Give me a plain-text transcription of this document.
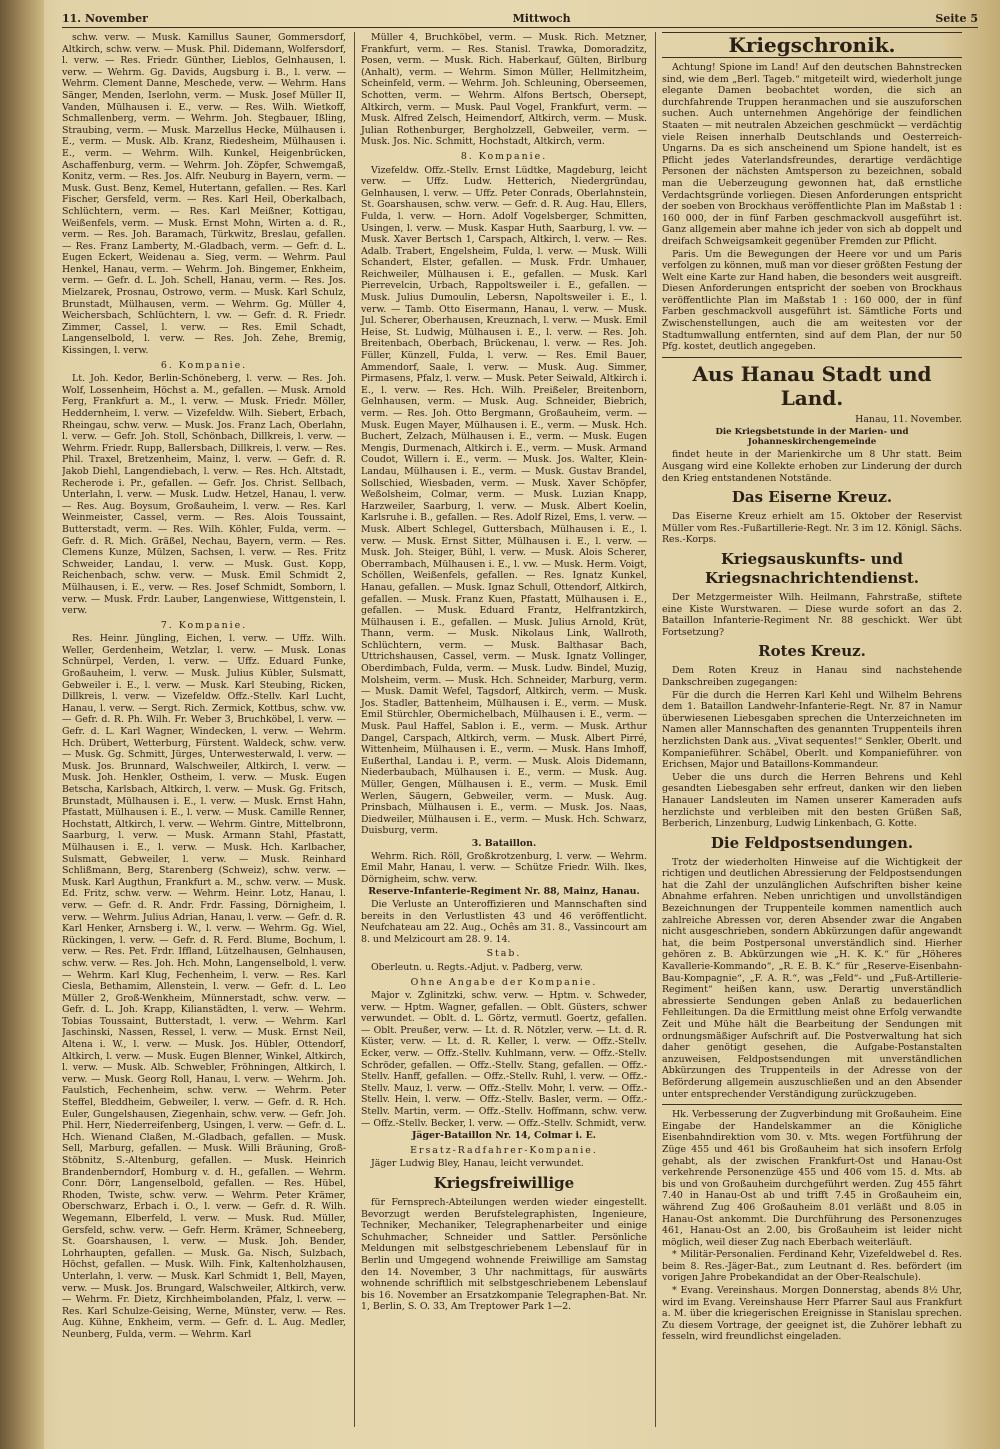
11. November	Mittwoch	Seite 5

schw. verw. — Musk. Kamillus Sauner, Gommersdorf, Altkirch, schw. verw. — Musk. Phil. Didemann, Wolfersdorf, l. verw. — Res. Friedr. Günther, Lieblos, Gelnhausen, l. verw. — Wehrm. Gg. Davids, Augsburg i. B., l. verw. — Wehrm. Clement Danne, Meschede, verw. — Wehrm. Hans Sänger, Menden, Iserlohn, verm. — Musk. Josef Müller II, Vanden, Mülhausen i. E., verw. — Res. Wilh. Wietkoff, Schmallenberg, verm. — Wehrm. Joh. Stegbauer, Ißling, Straubing, verm. — Musk. Marzellus Hecke, Mülhausen i. E., verm. — Musk. Alb. Kranz, Riedesheim, Mülhausen i. E., verm. — Wehrm. Wilh. Kunkel, Heigenbrücken, Aschaffenburg, verm. — Wehrm. Joh. Zöpfer, Schwemgaß, Konitz, verm. — Res. Jos. Alfr. Neuburg in Bayern, verm. — Musk. Gust. Benz, Kemel, Hutertann, gefallen. — Res. Karl Fischer, Gersfeld, verm. — Res. Karl Heil, Oberkalbach, Schlüchtern, verm. — Res. Karl Meißner, Kottigau, Weißenfels, verm. — Musk. Ernst Mohn, Wirten a. d. R., verm. — Res. Joh. Baramach, Türkwitz, Breslau, gefallen. — Res. Franz Lamberty, M.-Gladbach, verm. — Gefr. d. L. Eugen Eckert, Weidenau a. Sieg, verm. — Wehrm. Paul Henkel, Hanau, verm. — Wehrm. Joh. Bingemer, Enkheim, verm. — Gefr. d. L. Joh. Schell, Hanau, verm. — Res. Jos. Mielzarek, Prosnau, Ostrowo, verm. — Musk. Karl Schulz, Brunstadt, Mülhausen, verm. — Wehrm. Gg. Müller 4, Weichersbach, Schlüchtern, l. vw. — Gefr. d. R. Friedr. Zimmer, Cassel, l. verw. — Res. Emil Schadt, Langenselbold, l. verw. — Res. Joh. Zehe, Bremig, Kissingen, l. verw.

6. Kompanie.

Lt. Joh. Kedor, Berlin-Schöneberg, l. verw. — Res. Joh. Wolf, Lossenheim, Höchst a. M., gefallen. — Musk. Arnold Ferg, Frankfurt a. M., l. verw. — Musk. Friedr. Möller, Heddernheim, l. verw. — Vizefeldw. Wilh. Siebert, Erbach, Rheingau, schw. verw. — Musk. Jos. Franz Lach, Oberlahn, l. verw. — Gefr. Joh. Stoll, Schönbach, Dillkreis, l. verw. — Wehrm. Friedr. Rupp, Ballersbach, Dillkreis, l. verw. — Res. Phil. Traxel, Bretzenheim, Mainz, l. verw. — Gefr. d. R. Jakob Diehl, Langendiebach, l. verw. — Res. Hch. Altstadt, Recherode i. Pr., gefallen. — Gefr. Jos. Christ. Sellbach, Unterlahn, l. verw. — Musk. Ludw. Hetzel, Hanau, l. verw. — Res. Aug. Boysum, Großauheim, l. verw. — Res. Karl Weinmeister, Cassel, verm. — Res. Alois Toussaint, Butterstadt, verm. — Res. Wilh. Köhler, Fulda, verm. — Gefr. d. R. Mich. Gräßel, Nechau, Bayern, verm. — Res. Clemens Kunze, Mülzen, Sachsen, l. verw. — Res. Fritz Schweider, Landau, l. verw. — Musk. Gust. Kopp, Reichenbach, schw. verw. — Musk. Emil Schmidt 2, Mülhausen, i. E., verw. — Res. Josef Schmidt, Somborn, l. verw. — Musk. Frdr. Lauber, Langenwiese, Wittgenstein, l. verw.

7. Kompanie.

Res. Heinr. Jüngling, Eichen, l. verw. — Uffz. Wilh. Weller, Gerdenheim, Wetzlar, l. verw. — Musk. Lonas Schnürpel, Verden, l. verw. — Uffz. Eduard Funke, Großauheim, l. verw. — Musk. Julius Kübler, Sulsmatt, Gebweiler i. E., l. verw. — Musk. Karl Steubing, Ricken, Dillkreis, l. verw. — Vizefeldw. Offz.-Stellv. Karl Lucht, Hanau, l. verw. — Sergt. Rich. Zermick, Kottbus, schw. vw. — Gefr. d. R. Ph. Wilh. Fr. Weber 3, Bruchköbel, l. verw. — Gefr. d. L. Karl Wagner, Windecken, l. verw. — Wehrm. Hch. Drübert, Wetterburg, Fürstent. Waldeck, schw. verw. — Musk. Gg. Schmitt, Jürges, Unterwesterwald, l. verw. — Musk. Jos. Brunnard, Walschweiler, Altkirch, l. verw. — Musk. Joh. Henkler, Ostheim, l. verw. — Musk. Eugen Betscha, Karlsbach, Altkirch, l. verw. — Musk. Gg. Fritsch, Brunstadt, Mülhausen i. E., l. verw. — Musk. Ernst Hahn, Pfastatt, Mülhausen i. E., l. verw. — Musk. Camille Renner, Hochstatt, Altkirch, l. verw. — Wehrm. Gintre, Mittelbronn, Saarburg, l. verw. — Musk. Armann Stahl, Pfastatt, Mülhausen i. E., l. verw. — Musk. Hch. Karlbacher, Sulsmatt, Gebweiler, l. verw. — Musk. Reinhard Schlißmann, Berg, Starenberg (Schweiz), schw. verw. — Musk. Karl Augthun, Frankfurt a. M., schw. verw. — Musk. Ed. Fritz, schw. verw. — Wehrm. Heinr. Lotz, Hanau, l. verw. — Gefr. d. R. Andr. Frdr. Fassing, Dörnigheim, l. verw. — Wehrm. Julius Adrian, Hanau, l. verw. — Gefr. d. R. Karl Henker, Arnsberg i. W., l. verw. — Wehrm. Gg. Wiel, Rückingen, l. verw. — Gefr. d. R. Ferd. Blume, Bochum, l. verw. — Res. Pet. Frdr. Iffland, Lützelhausen, Gelnhausen, schw. verw. — Res. Joh. Hch. Mohn, Langenselbold, l. verw. — Wehrm. Karl Klug, Fechenheim, l. verw. — Res. Karl Ciesla, Bethamim, Allenstein, l. verw. — Gefr. d. L. Leo Müller 2, Groß-Wenkheim, Münnerstadt, schw. verw. — Gefr. d. L. Joh. Krapp, Kilianstädten, l. verw. — Wehrm. Tobias Toussaint, Butterstadt, l. verw. — Wehrm. Karl Jaschinski, Nassen, Ressel, l. verw. — Musk. Ernst Neil, Altena i. W., l. verw. — Musk. Jos. Hübler, Ottendorf, Altkirch, l. verw. — Musk. Eugen Blenner, Winkel, Altkirch, l. verw. — Musk. Alb. Schwebler, Fröhningen, Altkirch, l. verw. — Musk. Georg Roll, Hanau, l. verw. — Wehrm. Joh. Faulstich, Fechenheim, schw. verw. — Wehrm. Peter Steffel, Bleddheim, Gebweiler, l. verw. — Gefr. d. R. Hch. Euler, Gungelshausen, Ziegenhain, schw. verw. — Gefr. Joh. Phil. Herr, Niederreifenberg, Usingen, l. verw. — Gefr. d. L. Hch. Wienand Claßen, M.-Gladbach, gefallen. — Musk. Sell, Marburg, gefallen. — Musk. Willi Bräuning, Groß-Stöbnitz, S.-Altenburg, gefallen. — Musk. Heinrich Brandenberndorf, Homburg v. d. H., gefallen. — Wehrm. Conr. Dörr, Langenselbold, gefallen. — Res. Hübel, Rhoden, Twiste, schw. verw. — Wehrm. Peter Krämer, Oberschwarz, Erbach i. O., l. verw. — Gefr. d. R. Wilh. Wegemann, Elberfeld, l. verw. — Musk. Rud. Müller, Gersfeld, schw. verw. — Gefr. Herm. Krämer, Schneeberg, St. Goarshausen, l. verw. — Musk. Joh. Bender, Lohrhaupten, gefallen. — Musk. Ga. Nisch, Sulzbach, Höchst, gefallen. — Musk. Wilh. Fink, Kaltenholzhausen, Unterlahn, l. verw. — Musk. Karl Schmidt 1, Bell, Mayen, verw. — Musk. Jos. Brungard, Walschweiler, Altkirch, verw. — Wehrm. Fr. Dietz, Kirchheimbolanden, Pfalz, l. verw. — Res. Karl Schulze-Geising, Werne, Münster, verw. — Res. Aug. Kühne, Enkheim, verm. — Gefr. d. L. Aug. Medler, Neunberg, Fulda, verm. — Wehrm. Karl

Müller 4, Bruchköbel, verm. — Musk. Rich. Metzner, Frankfurt, verm. — Res. Stanisl. Trawka, Domoradzitz, Posen, verm. — Musk. Rich. Haberkauf, Gülten, Birlburg (Anhalt), verm. — Wehrm. Simon Müller, Hellmitzheim, Scheinfeld, verm. — Wehrm. Joh. Schleuning, Oberseemen, Schotten, verm. — Wehrm. Alfons Bertsch, Obersept, Altkirch, verm. — Musk. Paul Vogel, Frankfurt, verm. — Musk. Alfred Zelsch, Heimendorf, Altkirch, verm. — Musk. Julian Rothenburger, Bergholzzell, Gebweiler, verm. — Musk. Jos. Nic. Schmitt, Hochstadt, Altkirch, verm.

8. Kompanie.

Vizefeldw. Offz.-Stellv. Ernst Lüdtke, Magdeburg, leicht verw. — Uffz. Ludw. Hetterich, Niedergründau, Gelnhausen, l. verw. — Uffz. Peter Conrads, Oberlahnstein, St. Goarshausen, schw. verw. — Gefr. d. R. Aug. Hau, Ellers, Fulda, l. verw. — Horn. Adolf Vogelsberger, Schmitten, Usingen, l. verw. — Musk. Kaspar Huth, Saarburg, l. vw. — Musk. Xaver Bertsch 1, Carspach, Altkirch, l. verw. — Res. Adalb. Trabert, Engelsheim, Fulda, l. verw. — Musk. Willi Schandert, Elster, gefallen. — Musk. Frdr. Umhauer, Reichweiler, Mülhausen i. E., gefallen. — Musk. Karl Pierrevelcin, Urbach, Rappoltsweiler i. E., gefallen. — Musk. Julius Dumoulin, Lebersn, Napoltsweiler i. E., l. verw. — Tamb. Otto Eisermann, Hanau, l. verw. — Musk. Jul. Scherer, Oberhausen, Kreuznach, l. verw. — Musk. Emil Heise, St. Ludwig, Mülhausen i. E., l. verw. — Res. Joh. Breitenbach, Oberbach, Brückenau, l. verw. — Res. Joh. Füller, Künzell, Fulda, l. verw. — Res. Emil Bauer, Ammendorf, Saale, l. verw. — Musk. Aug. Simmer, Pirmasens, Pfalz, l. verw. — Musk. Peter Seiwald, Altkirch i. E., l. verw. — Res. Hch. Wilh. Preißeler, Breitenborn, Gelnhausen, verm. — Musk. Aug. Schneider, Biebrich, verm. — Res. Joh. Otto Bergmann, Großauheim, verm. — Musk. Eugen Mayer, Mülhausen i. E., verm. — Musk. Hch. Buchert, Zelzach, Mülhausen i. E., verm. — Musk. Eugen Mengis, Durmenach, Altkirch i. E., verm. — Musk. Armand Coudot, Willern i. E., verm. — Musk. Jos. Walter, Klein-Landau, Mülhausen i. E., verm. — Musk. Gustav Brandel, Sollschied, Wiesbaden, verm. — Musk. Xaver Schöpfer, Weßolsheim, Colmar, verm. — Musk. Luzian Knapp, Harzweiler, Saarburg, l. verw. — Musk. Albert Koelin, Karlsruhe i. B., gefallen. — Res. Adolf Rizel, Ems, l. verw. — Musk. Albert Schlegel, Guttersbach, Mülhausen i. E., l. verw. — Musk. Ernst Sitter, Mülhausen i. E., l. verw. — Musk. Joh. Steiger, Bühl, l. verw. — Musk. Alois Scherer, Oberrambach, Mülhausen i. E., l. vw. — Musk. Herm. Voigt, Schöllen, Weißenfels, gefallen. — Res. Ignatz Kunkel, Hanau, gefallen. — Musk. Ignaz Schull, Ottendorf, Altkirch, gefallen. — Musk. Franz Kuen, Pfastatt, Mülhausen i. E., gefallen. — Musk. Eduard Frantz, Helfrantzkirch, Mülhausen i. E., gefallen. — Musk. Julius Arnold, Krüt, Thann, verm. — Musk. Nikolaus Link, Wallroth, Schlüchtern, verm. — Musk. Balthasar Bach, Uttrichshausen, Cassel, verm. — Musk. Ignatz Vollinger, Oberdimbach, Fulda, verm. — Musk. Ludw. Bindel, Muzig, Molsheim, verm. — Musk. Hch. Schneider, Marburg, verm. — Musk. Damit Wefel, Tagsdorf, Altkirch, verm. — Musk. Jos. Stadler, Battenheim, Mülhausen i. E., verm. — Musk. Emil Stürchler, Obermichelbach, Mülhausen i. E., verm. — Musk. Paul Haffel, Sablon i. E., verm. — Musk. Arthur Dangel, Carspach, Altkirch, verm. — Musk. Albert Pirré, Wittenheim, Mülhausen i. E., verm. — Musk. Hans Imhoff, Eußerthal, Landau i. P., verm. — Musk. Alois Didemann, Niederbaubach, Mülhausen i. E., verm. — Musk. Aug. Müller, Gengen, Mülhausen i. E., verm. — Musk. Emil Werlen, Säugern, Gebweiler, verm. — Musk. Aug. Prinsbach, Mülhausen i. E., verm. — Musk. Jos. Naas, Diedweiler, Mülhausen i. E., verm. — Musk. Hch. Schwarz, Duisburg, verm.

3. Bataillon.

Wehrm. Rich. Röll, Großkrotzenburg, l. verw. — Wehrm. Emil Mahr, Hanau, l. verw. — Schütze Friedr. Wilh. Ikes, Dörnigheim, schw. verw.

Reserve-Infanterie-Regiment Nr. 88, Mainz, Hanau.

Die Verluste an Unteroffizieren und Mannschaften sind bereits in den Verlustlisten 43 und 46 veröffentlicht. Neufchateau am 22. Aug., Ochês am 31. 8., Vassincourt am 8. und Melzicourt am 28. 9. 14.

Stab.

Oberleutn. u. Regts.-Adjut. v. Padberg, verw.

Ohne Angabe der Kompanie.

Major v. Zglinitzki, schw. verw. — Hptm. v. Schweder, verw. — Hptm. Wagner, gefallen. — Oblt. Güsters, schwer verwundet. — Oblt. d. L. Görtz, vermutl. Goertz, gefallen. — Oblt. Preußer, verw. — Lt. d. R. Nötzler, verw. — Lt. d. R. Küster, verw. — Lt. d. R. Keller, l. verw. — Offz.-Stellv. Ecker, verw. — Offz.-Stellv. Kuhlmann, verw. — Offz.-Stellv. Schröder, gefallen. — Offz.-Stellv. Stang, gefallen. — Offz.-Stellv. Hanff, gefallen. — Offz.-Stellv. Ruhl, l. verw. — Offz.-Stellv. Mauz, l. verw. — Offz.-Stellv. Mohr, l. verw. — Offz.-Stellv. Hein, l. verw. — Offz.-Stellv. Basler, verm. — Offz.-Stellv. Martin, verm. — Offz.-Stellv. Hoffmann, schw. verw. — Offz.-Stellv. Becker, l. verw. — Offz.-Stellv. Schmidt, verw.

Jäger-Bataillon Nr. 14, Colmar i. E.

Ersatz-Radfahrer-Kompanie.

Jäger Ludwig Bley, Hanau, leicht verwundet.

Kriegsfreiwillige

für Fernsprech-Abteilungen werden wieder eingestellt. Bevorzugt werden Berufstelegraphisten, Ingenieure, Techniker, Mechaniker, Telegraphenarbeiter und einige Schuhmacher, Schneider und Sattler. Persönliche Meldungen mit selbstgeschriebenem Lebenslauf für in Berlin und Umgegend wohnende Freiwillige am Samstag den 14. November, 3 Uhr nachmittags, für auswärts wohnende schriftlich mit selbstgeschriebenem Lebenslauf bis 16. November an Ersatzkompanie Telegraphen-Bat. Nr. 1, Berlin, S. O. 33, Am Treptower Park 1—2.

Kriegschronik.

Achtung! Spione im Land! Auf den deutschen Bahnstrecken sind, wie dem „Berl. Tageb.“ mitgeteilt wird, wiederholt junge elegante Damen beobachtet worden, die sich an durchfahrende Truppen heranmachen und sie auszuforschen suchen. Auch unternehmen Angehörige der feindlichen Staaten — mit neutralen Abzeichen geschmückt — verdächtig viele Reisen innerhalb Deutschlands und Oesterreich-Ungarns. Da es sich anscheinend um Spione handelt, ist es Pflicht jedes Vaterlandsfreundes, derartige verdächtige Personen der nächsten Amtsperson zu bezeichnen, sobald man die Ueberzeugung gewonnen hat, daß ernstliche Verdachtsgründe vorliegen. Diesen Anforderungen entspricht der soeben von Brockhaus veröffentlichte Plan im Maßstab 1 : 160 000, der in fünf Farben geschmackvoll ausgeführt ist. Ganz allgemein aber mahne ich jeder von sich ab doppelt und dreifach Schweigsamkeit gegenüber Fremden zur Pflicht.

Paris. Um die Bewegungen der Heere vor und um Paris verfolgen zu können, muß man vor dieser größten Festung der Welt eine Karte zur Hand haben, die besonders weit ausgreift. Diesen Anforderungen entspricht der soeben von Brockhaus veröffentlichte Plan im Maßstab 1 : 160 000, der in fünf Farben geschmackvoll ausgeführt ist. Sämtliche Forts und Zwischenstellungen, auch die am weitesten vor der Stadtumwallung entfernten, sind auf dem Plan, der nur 50 Pfg. kostet, deutlich angegeben.

Aus Hanau Stadt und Land.
Hanau, 11. November.

Die Kriegsbetstunde in der Marien- und Johanneskirchengemeinde

findet heute in der Marienkirche um 8 Uhr statt. Beim Ausgang wird eine Kollekte erhoben zur Linderung der durch den Krieg entstandenen Notstände.

Das Eiserne Kreuz.

Das Eiserne Kreuz erhielt am 15. Oktober der Reservist Müller vom Res.-Fußartillerie-Regt. Nr. 3 im 12. Königl. Sächs. Res.-Korps.

Kriegsauskunfts- und Kriegsnachrichtendienst.

Der Metzgermeister Wilh. Heilmann, Fahrstraße, stiftete eine Kiste Wurstwaren. — Diese wurde sofort an das 2. Bataillon Infanterie-Regiment Nr. 88 geschickt. Wer übt Fortsetzung?

Rotes Kreuz.

Dem Roten Kreuz in Hanau sind nachstehende Dankschreiben zugegangen:

Für die durch die Herren Karl Kehl und Wilhelm Behrens dem 1. Bataillon Landwehr-Infanterie-Regt. Nr. 87 in Namur überwiesenen Liebesgaben sprechen die Unterzeichneten im Namen aller Mannschaften des genannten Truppenteils ihren herzlichsten Dank aus. „Vivat sequentes!“ Senkler, Oberlt. und Kompanieführer. Schäbel, Oberlt. und Kompanieführer. von Erichsen, Major und Bataillons-Kommandeur.

Ueber die uns durch die Herren Behrens und Kehl gesandten Liebesgaben sehr erfreut, danken wir den lieben Hanauer Landsleuten im Namen unserer Kameraden aufs herzlichste und verbleiben mit den besten Grüßen Saß, Berberich, Linzenburg, Ludwig Linkenbach, G. Kotte.

Die Feldpostsendungen.

Trotz der wiederholten Hinweise auf die Wichtigkeit der richtigen und deutlichen Abressierung der Feldpostsendungen hat die Zahl der unzulänglichen Aufschriften bisher keine Abnahme erfahren. Neben unrichtigen und unvollständigen Bezeichnungen der Truppenteile kommen namentlich auch zahlreiche Abressen vor, deren Absender zwar die Angaben nicht ausgeschrieben, sondern Abkürzungen dafür angewandt hat, die beim Postpersonal unverständlich sind. Hierher gehören z. B. Abkürzungen wie „H. K. K.“ für „Höheres Kavallerie-Kommando“, „R. E. B. K.“ für „Reserve-Eisenbahn-Bau-Kompagnie“, „F. A. R.“, was „Feld“- und „Fuß-Artillerie-Regiment“ heißen kann, usw. Derartig unverständlich abressierte Sendungen geben Anlaß zu bedauerlichen Fehlleitungen. Da die Ermittlung meist ohne Erfolg verwandte Zeit und Mühe hält die Bearbeitung der Sendungen mit ordnungsmäßiger Aufschrift auf. Die Postverwaltung hat sich daher genötigt gesehen, die Aufgabe-Postanstalten anzuweisen, Feldpostsendungen mit unverständlichen Abkürzungen des Truppenteils in der Adresse von der Beförderung allgemein auszuschließen und an den Absender unter entsprechender Verständigung zurückzugeben.

Hk. Verbesserung der Zugverbindung mit Großauheim. Eine Eingabe der Handelskammer an die Königliche Eisenbahndirektion vom 30. v. Mts. wegen Fortführung der Züge 455 und 461 bis Großauheim hat sich insofern Erfolg gehabt, als der zwischen Frankfurt-Ost und Hanau-Ost verkehrende Personenzüge 455 und 406 vom 15. d. Mts. ab bis und von Großauheim durchgeführt werden. Zug 455 fährt 7.40 in Hanau-Ost ab und trifft 7.45 in Großauheim ein, während Zug 406 Großauheim 8.01 verläßt und 8.05 in Hanau-Ost ankommt. Die Durchführung des Personenzuges 461, Hanau-Ost an 2.00, bis Großauheim ist leider nicht möglich, weil dieser Zug nach Eberbach weiterläuft.

* Militär-Personalien. Ferdinand Kehr, Vizefeldwebel d. Res. beim 8. Res.-Jäger-Bat., zum Leutnant d. Res. befördert (im vorigen Jahre Probekandidat an der Ober-Realschule).

* Evang. Vereinshaus. Morgen Donnerstag, abends 8½ Uhr, wird im Evang. Vereinshause Herr Pfarrer Saul aus Frankfurt a. M. über die kriegerischen Ereignisse in Stanislau sprechen. Zu diesem Vortrage, der geeignet ist, die Zuhörer lebhaft zu fesseln, wird freundlichst eingeladen.
